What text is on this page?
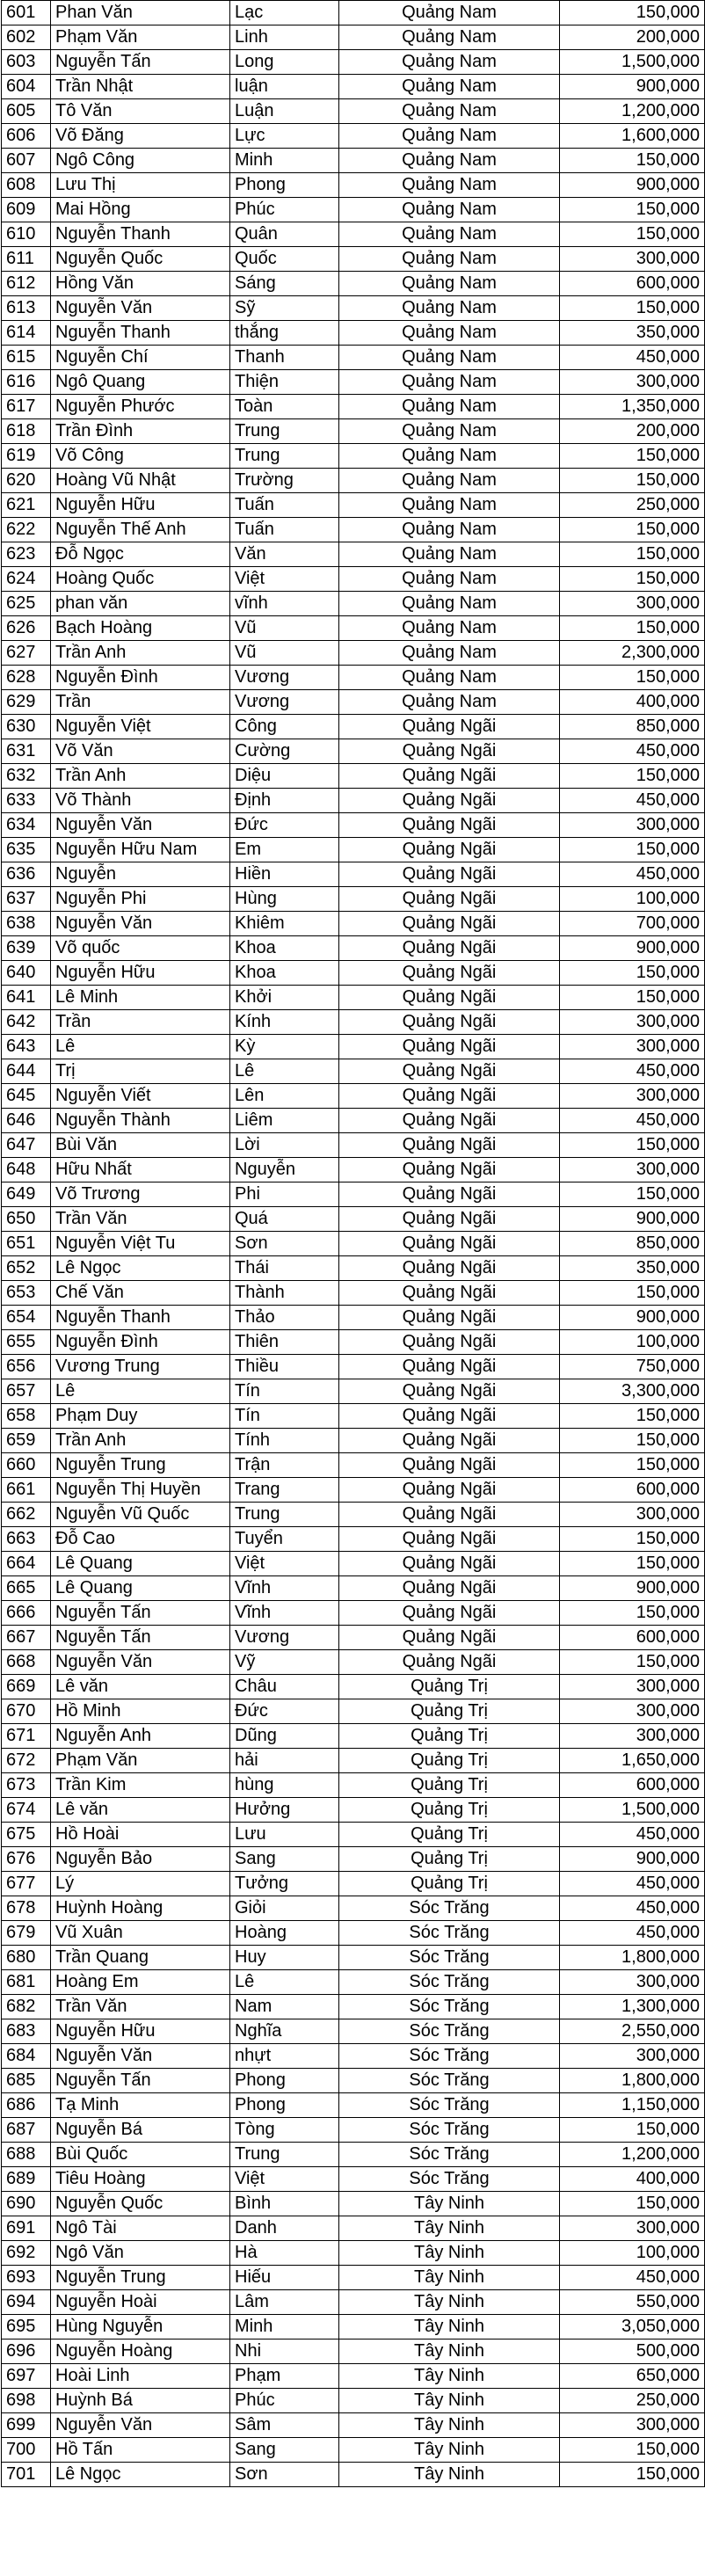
601	Phan Văn	Lạc	Quảng Nam	150,000
602	Phạm Văn	Linh	Quảng Nam	200,000
603	Nguyễn Tấn	Long	Quảng Nam	1,500,000
604	Trần Nhật	luận	Quảng Nam	900,000
605	Tô Văn	Luận	Quảng Nam	1,200,000
606	Võ Đăng	Lực	Quảng Nam	1,600,000
607	Ngô Công	Minh	Quảng Nam	150,000
608	Lưu Thị	Phong	Quảng Nam	900,000
609	Mai Hồng	Phúc	Quảng Nam	150,000
610	Nguyễn Thanh	Quân	Quảng Nam	150,000
611	Nguyễn Quốc	Quốc	Quảng Nam	300,000
612	Hồng Văn	Sáng	Quảng Nam	600,000
613	Nguyễn Văn	Sỹ	Quảng Nam	150,000
614	Nguyễn Thanh	thắng	Quảng Nam	350,000
615	Nguyễn Chí	Thanh	Quảng Nam	450,000
616	Ngô Quang	Thiện	Quảng Nam	300,000
617	Nguyễn Phước	Toàn	Quảng Nam	1,350,000
618	Trần Đình	Trung	Quảng Nam	200,000
619	Võ Công	Trung	Quảng Nam	150,000
620	Hoàng Vũ Nhật	Trường	Quảng Nam	150,000
621	Nguyễn Hữu	Tuấn	Quảng Nam	250,000
622	Nguyễn Thế Anh	Tuấn	Quảng Nam	150,000
623	Đỗ Ngọc	Văn	Quảng Nam	150,000
624	Hoàng Quốc	Việt	Quảng Nam	150,000
625	phan văn	vĩnh	Quảng Nam	300,000
626	Bạch Hoàng	Vũ	Quảng Nam	150,000
627	Trần Anh	Vũ	Quảng Nam	2,300,000
628	Nguyễn Đình	Vương	Quảng Nam	150,000
629	Trần	Vương	Quảng Nam	400,000
630	Nguyễn Việt	Công	Quảng Ngãi	850,000
631	Võ Văn	Cường	Quảng Ngãi	450,000
632	Trần Anh	Diệu	Quảng Ngãi	150,000
633	Võ Thành	Định	Quảng Ngãi	450,000
634	Nguyễn Văn	Đức	Quảng Ngãi	300,000
635	Nguyễn Hữu Nam	Em	Quảng Ngãi	150,000
636	Nguyễn	Hiền	Quảng Ngãi	450,000
637	Nguyễn Phi	Hùng	Quảng Ngãi	100,000
638	Nguyễn Văn	Khiêm	Quảng Ngãi	700,000
639	Võ quốc	Khoa	Quảng Ngãi	900,000
640	Nguyễn Hữu	Khoa	Quảng Ngãi	150,000
641	Lê Minh	Khởi	Quảng Ngãi	150,000
642	Trần	Kính	Quảng Ngãi	300,000
643	Lê	Kỳ	Quảng Ngãi	300,000
644	Trị	Lê	Quảng Ngãi	450,000
645	Nguyễn Viết	Lên	Quảng Ngãi	300,000
646	Nguyễn Thành	Liêm	Quảng Ngãi	450,000
647	Bùi Văn	Lời	Quảng Ngãi	150,000
648	Hữu Nhất	Nguyễn	Quảng Ngãi	300,000
649	Võ Trương	Phi	Quảng Ngãi	150,000
650	Trần Văn	Quá	Quảng Ngãi	900,000
651	Nguyễn Việt Tu	Sơn	Quảng Ngãi	850,000
652	Lê Ngọc	Thái	Quảng Ngãi	350,000
653	Chế Văn	Thành	Quảng Ngãi	150,000
654	Nguyễn Thanh	Thảo	Quảng Ngãi	900,000
655	Nguyễn Đình	Thiên	Quảng Ngãi	100,000
656	Vương Trung	Thiều	Quảng Ngãi	750,000
657	Lê	Tín	Quảng Ngãi	3,300,000
658	Phạm Duy	Tín	Quảng Ngãi	150,000
659	Trần Anh	Tính	Quảng Ngãi	150,000
660	Nguyễn Trung	Trận	Quảng Ngãi	150,000
661	Nguyễn Thị Huyền	Trang	Quảng Ngãi	600,000
662	Nguyễn Vũ Quốc	Trung	Quảng Ngãi	300,000
663	Đỗ Cao	Tuyển	Quảng Ngãi	150,000
664	Lê Quang	Việt	Quảng Ngãi	150,000
665	Lê Quang	Vĩnh	Quảng Ngãi	900,000
666	Nguyễn Tấn	Vĩnh	Quảng Ngãi	150,000
667	Nguyễn Tấn	Vương	Quảng Ngãi	600,000
668	Nguyễn Văn	Vỹ	Quảng Ngãi	150,000
669	Lê văn	Châu	Quảng Trị	300,000
670	Hồ Minh	Đức	Quảng Trị	300,000
671	Nguyễn Anh	Dũng	Quảng Trị	300,000
672	Phạm Văn	hải	Quảng Trị	1,650,000
673	Trần Kim	hùng	Quảng Trị	600,000
674	Lê văn	Hưởng	Quảng Trị	1,500,000
675	Hồ Hoài	Lưu	Quảng Trị	450,000
676	Nguyễn Bảo	Sang	Quảng Trị	900,000
677	Lý	Tưởng	Quảng Trị	450,000
678	Huỳnh Hoàng	Giỏi	Sóc Trăng	450,000
679	Vũ Xuân	Hoàng	Sóc Trăng	450,000
680	Trần Quang	Huy	Sóc Trăng	1,800,000
681	Hoàng Em	Lê	Sóc Trăng	300,000
682	Trần Văn	Nam	Sóc Trăng	1,300,000
683	Nguyễn Hữu	Nghĩa	Sóc Trăng	2,550,000
684	Nguyễn Văn	nhựt	Sóc Trăng	300,000
685	Nguyễn Tấn	Phong	Sóc Trăng	1,800,000
686	Tạ Minh	Phong	Sóc Trăng	1,150,000
687	Nguyễn Bá	Tòng	Sóc Trăng	150,000
688	Bùi Quốc	Trung	Sóc Trăng	1,200,000
689	Tiêu Hoàng	Việt	Sóc Trăng	400,000
690	Nguyễn Quốc	Bình	Tây Ninh	150,000
691	Ngô Tài	Danh	Tây Ninh	300,000
692	Ngô Văn	Hà	Tây Ninh	100,000
693	Nguyễn Trung	Hiếu	Tây Ninh	450,000
694	Nguyễn Hoài	Lâm	Tây Ninh	550,000
695	Hùng Nguyễn	Minh	Tây Ninh	3,050,000
696	Nguyễn Hoàng	Nhi	Tây Ninh	500,000
697	Hoài Linh	Phạm	Tây Ninh	650,000
698	Huỳnh Bá	Phúc	Tây Ninh	250,000
699	Nguyễn Văn	Sâm	Tây Ninh	300,000
700	Hồ Tấn	Sang	Tây Ninh	150,000
701	Lê Ngọc	Sơn	Tây Ninh	150,000
